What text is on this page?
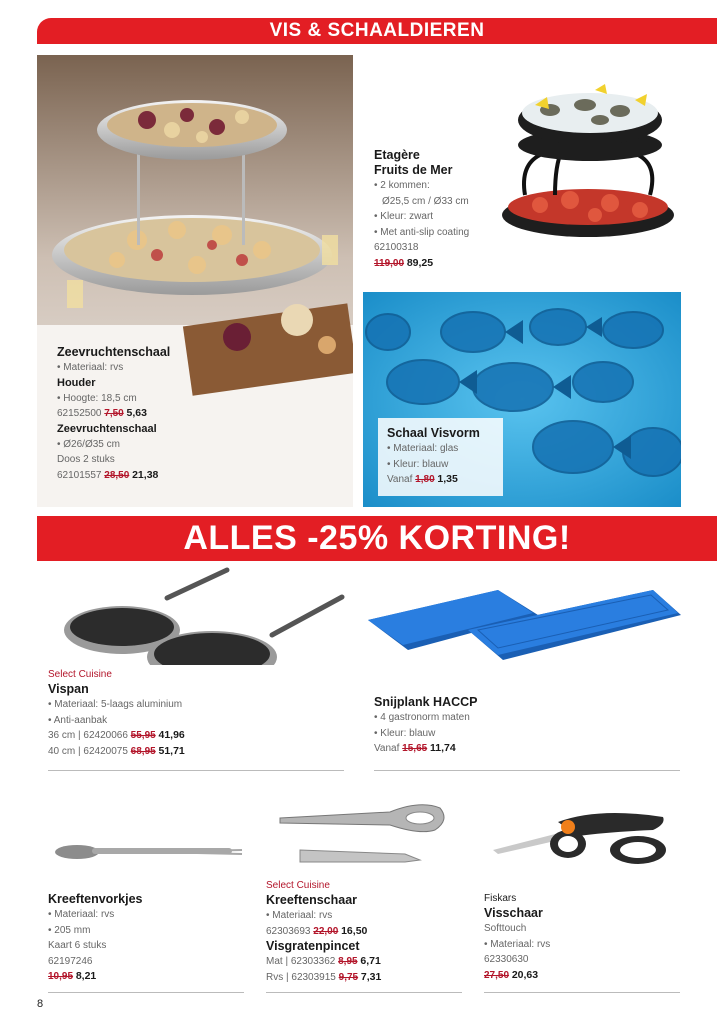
VIS & SCHAALDIEREN
Zeevruchtenschaal
• Materiaal: rvs
Houder
• Hoogte: 18,5 cm
62152500 7,50 5,63
Zeevruchtenschaal
• Ø26/Ø35 cm
Doos 2 stuks
62101557 28,50 21,38
Etagère
Fruits de Mer
• 2 kommen:
Ø25,5 cm / Ø33 cm
• Kleur: zwart
• Met anti-slip coating
62100318
119,00 89,25
Schaal Visvorm
• Materiaal: glas
• Kleur: blauw
Vanaf 1,80 1,35
ALLES -25% KORTING!
Select Cuisine
Vispan
• Materiaal: 5-laags aluminium
• Anti-aanbak
36 cm | 62420066 55,95 41,96
40 cm | 62420075 68,95 51,71
Snijplank HACCP
• 4 gastronorm maten
• Kleur: blauw
Vanaf 15,65 11,74
Kreeftenvorkjes
• Materiaal: rvs
• 205 mm
Kaart 6 stuks
62197246
10,95 8,21
Select Cuisine
Kreeftenschaar
• Materiaal: rvs
62303693 22,00 16,50
Visgratenpincet
Mat | 62303362 8,95 6,71
Rvs | 62303915 9,75 7,31
Fiskars
Visschaar
Softtouch
• Materiaal: rvs
62330630
27,50 20,63
8
